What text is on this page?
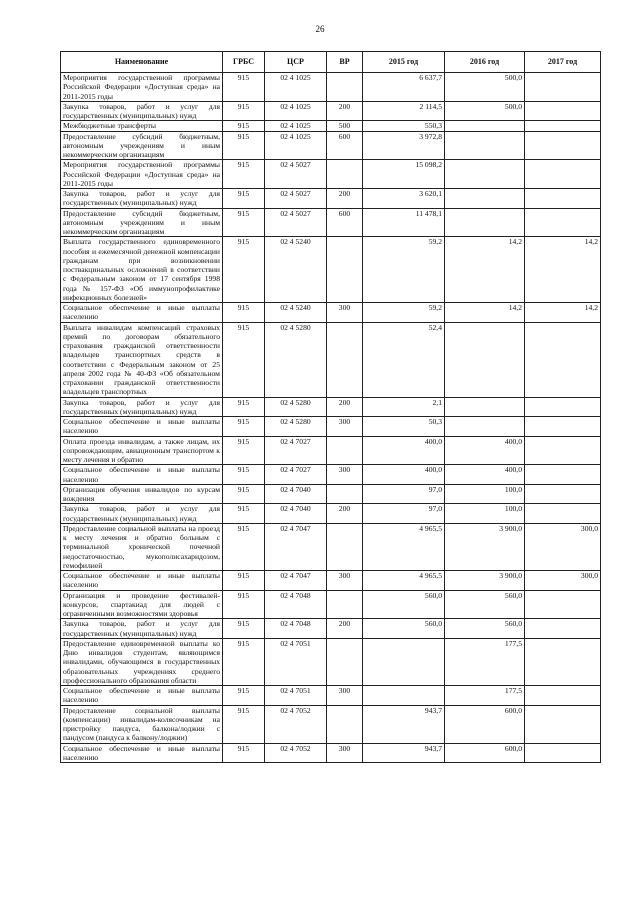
26
Наименование	ГРБС	ЦСР	ВР	2015 год	2016 год	2017 год
Мероприятия государственной программы Российской Федерации «Доступная среда» на 2011-2015 годы	915	02 4 1025		6 637,7	500,0	
Закупка товаров, работ и услуг для государственных (муниципальных) нужд	915	02 4 1025	200	2 114,5	500,0	
Межбюджетные трансферты	915	02 4 1025	500	550,3		
Предоставление субсидий бюджетным, автономным учреждениям и иным некоммерческим организациям	915	02 4 1025	600	3 972,8		
Мероприятия государственной программы Российской Федерации «Доступная среда» на 2011-2015 годы	915	02 4 5027		15 098,2		
Закупка товаров, работ и услуг для государственных (муниципальных) нужд	915	02 4 5027	200	3 620,1		
Предоставление субсидий бюджетным, автономным учреждениям и иным некоммерческим организациям	915	02 4 5027	600	11 478,1		
Выплата государственного единовременного пособия и ежемесячной денежной компенсации гражданам при возникновении поствакцинальных осложнений в соответствии с Федеральным законом от 17 сентября 1998 года № 157-ФЗ «Об иммунопрофилактике инфекционных болезней»	915	02 4 5240		59,2	14,2	14,2
Социальное обеспечение и иные выплаты населению	915	02 4 5240	300	59,2	14,2	14,2
Выплата инвалидам компенсаций страховых премий по договорам обязательного страхования гражданской ответственности владельцев транспортных средств в соответствии с Федеральным законом от 25 апреля 2002 года № 40-ФЗ «Об обязательном страховании гражданской ответственности владельцев транспортных	915	02 4 5280		52,4		
Закупка товаров, работ и услуг для государственных (муниципальных) нужд	915	02 4 5280	200	2,1		
Социальное обеспечение и иные выплаты населению	915	02 4 5280	300	50,3		
Оплата проезда инвалидам, а также лицам, их сопровождающим, авиационным транспортом к месту лечения и обратно	915	02 4 7027		400,0	400,0	
Социальное обеспечение и иные выплаты населению	915	02 4 7027	300	400,0	400,0	
Организация обучения инвалидов по курсам вождения	915	02 4 7040		97,0	100,0	
Закупка товаров, работ и услуг для государственных (муниципальных) нужд	915	02 4 7040	200	97,0	100,0	
Предоставление социальной выплаты на проезд к месту лечения и обратно больным с терминальной хронической почечной недостаточностью, мукополисахаридозом, гемофилией	915	02 4 7047		4 965,5	3 900,0	300,0
Социальное обеспечение и иные выплаты населению	915	02 4 7047	300	4 965,5	3 900,0	300,0
Организация и проведение фестивалей-конкурсов, спартакиад для людей с ограниченными возможностями здоровья	915	02 4 7048		560,0	560,0	
Закупка товаров, работ и услуг для государственных (муниципальных) нужд	915	02 4 7048	200	560,0	560,0	
Предоставление единовременной выплаты ко Дню инвалидов студентам, являющимся инвалидами, обучающимся в государственных образовательных учреждениях среднего профессионального образования области	915	02 4 7051			177,5	
Социальное обеспечение и иные выплаты населению	915	02 4 7051	300		177,5	
Предоставление социальной выплаты (компенсации) инвалидам-колясочникам на пристройку пандуса, балкона/лоджии с пандусом (пандуса к балкону/лоджии)	915	02 4 7052		943,7	600,0	
Социальное обеспечение и иные выплаты населению	915	02 4 7052	300	943,7	600,0	
